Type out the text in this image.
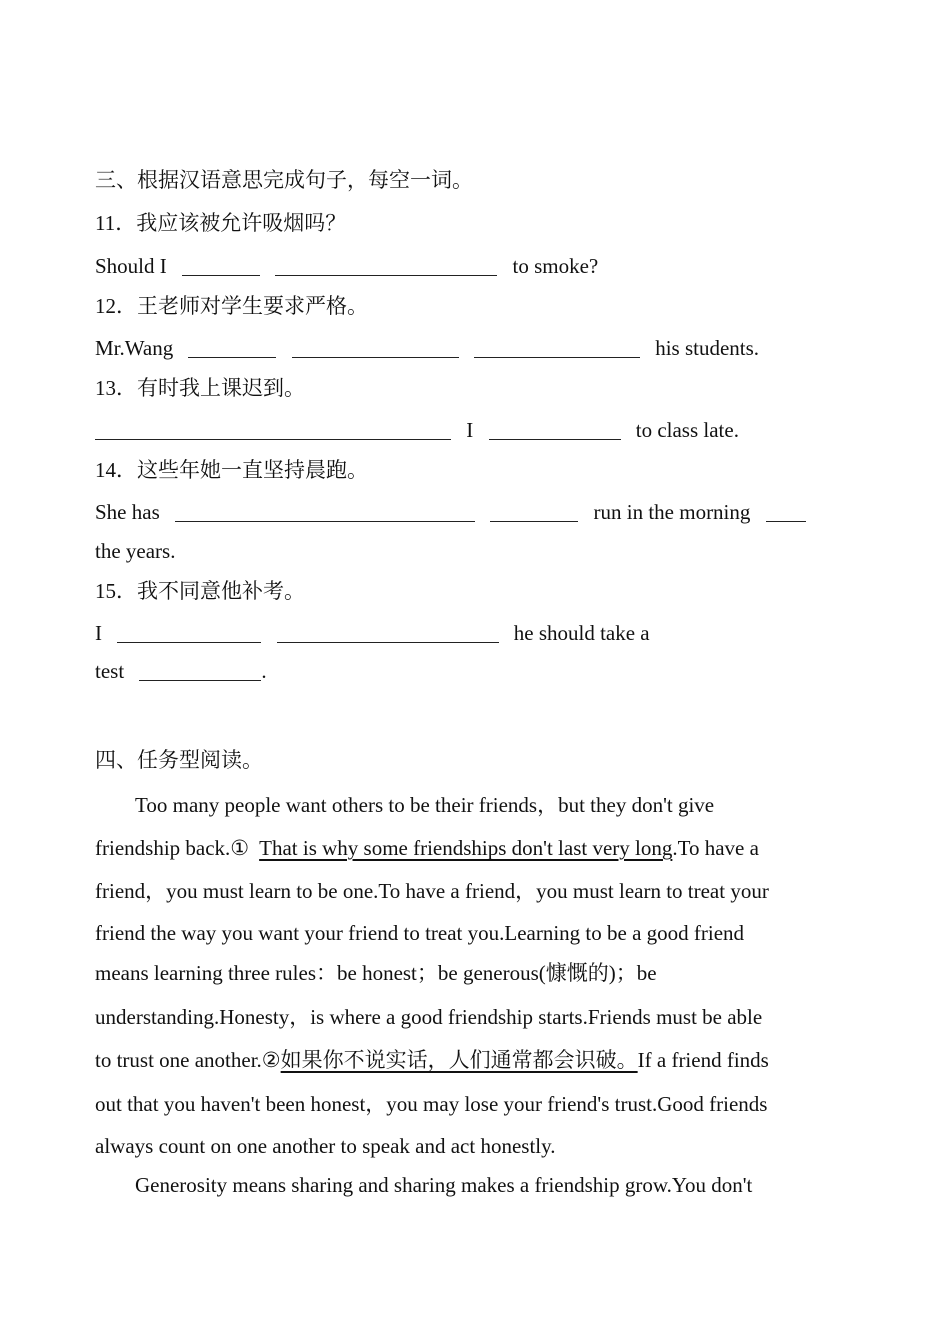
三、根据汉语意思完成句子，每空一词。
11．我应该被允许吸烟吗？
Should I	to smoke?
12．王老师对学生要求严格。
Mr.Wang	his students.
13．有时我上课迟到。
I	to class late.
14．这些年她一直坚持晨跑。
She has	run in the morning
the years.
15．我不同意他补考。
I	he should take a
test	.
四、任务型阅读。
Too many people want others to be their friends，but they don't give
friendship back.① That is why some friendships don't last very long.To have a
friend，you must learn to be one.To have a friend，you must learn to treat your
friend the way you want your friend to treat you.Learning to be a good friend
means learning three rules：be honest；be generous(慷慨的)；be
understanding.Honesty，is where a good friendship starts.Friends must be able
to trust one another.②如果你不说实话，人们通常都会识破。If a friend finds
out that you haven't been honest，you may lose your friend's trust.Good friends
always count on one another to speak and act honestly.
Generosity means sharing and sharing makes a friendship grow.You don't
